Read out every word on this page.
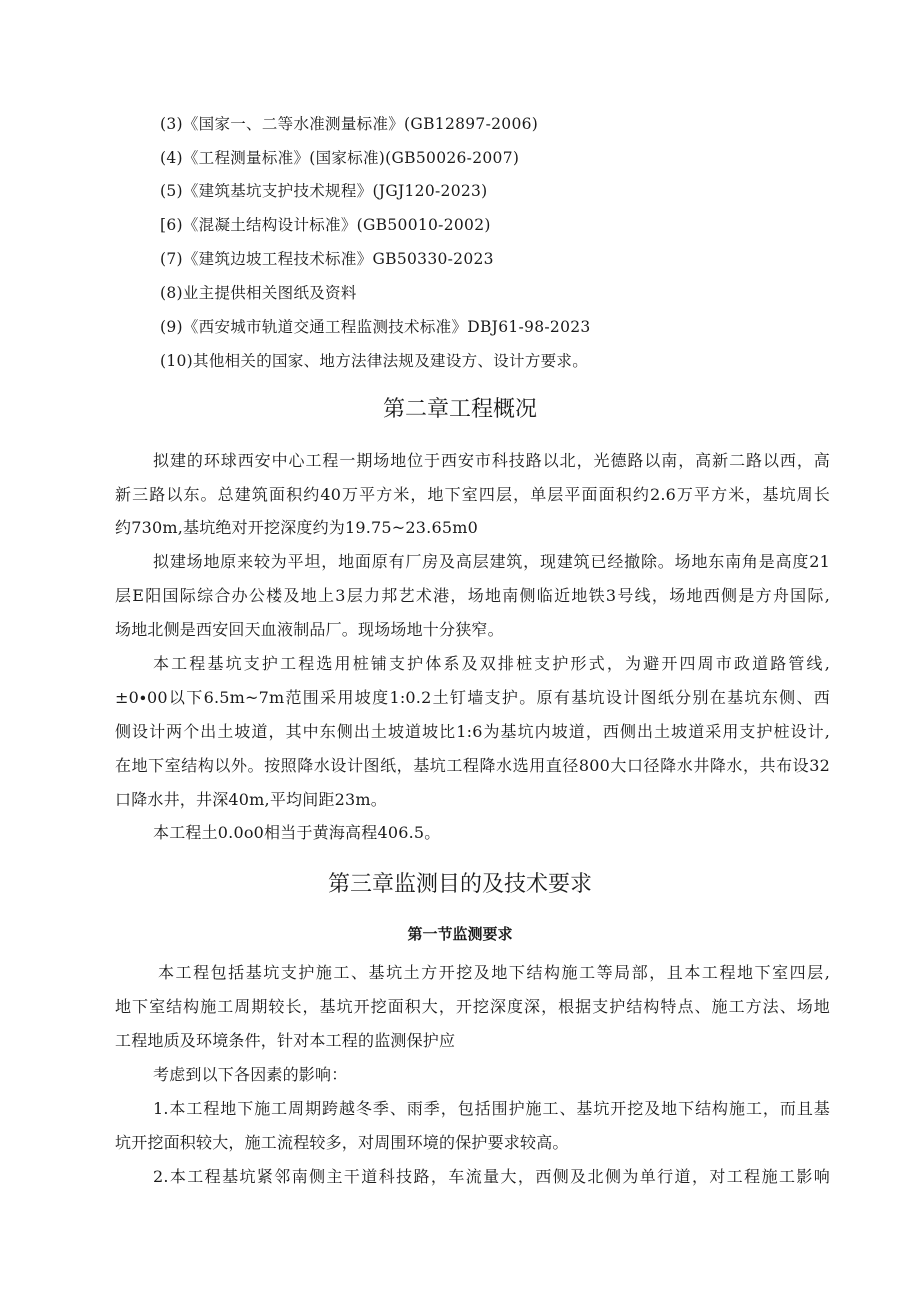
(3)《国家一、二等水准测量标准》(GB12897-2006)
(4)《工程测量标准》(国家标准)(GB50026-2007)
(5)《建筑基坑支护技术规程》(JGJ120-2023)
[6)《混凝土结构设计标准》(GB50010-2002)
(7)《建筑边坡工程技术标准》GB50330-2023
(8)业主提供相关图纸及资料
(9)《西安城市轨道交通工程监测技术标准》DBJ61-98-2023
(10)其他相关的国家、地方法律法规及建设方、设计方要求。
第二章工程概况
拟建的环球西安中心工程一期场地位于西安市科技路以北，光德路以南，高新二路以西，高
新三路以东。总建筑面积约40万平方米，地下室四层，单层平面面积约2.6万平方米，基坑周长
约730m,基坑绝对开挖深度约为19.75~23.65m0
拟建场地原来较为平坦，地面原有厂房及高层建筑，现建筑已经撤除。场地东南角是高度21
层E阳国际综合办公楼及地上3层力邦艺术港，场地南侧临近地铁3号线，场地西侧是方舟国际,
场地北侧是西安回天血液制品厂。现场场地十分狭窄。
本工程基坑支护工程选用桩铺支护体系及双排桩支护形式，为避开四周市政道路管线,
±0∙00以下6.5m~7m范围采用坡度1:0.2土钉墙支护。原有基坑设计图纸分别在基坑东侧、西
侧设计两个出土坡道，其中东侧出土坡道坡比1:6为基坑内坡道，西侧出土坡道采用支护桩设计,
在地下室结构以外。按照降水设计图纸，基坑工程降水选用直径800大口径降水井降水，共布设32
口降水井，井深40m,平均间距23m。
本工程土0.0o0相当于黄海高程406.5。
第三章监测目的及技术要求
第一节监测要求
本工程包括基坑支护施工、基坑土方开挖及地下结构施工等局部，且本工程地下室四层,
地下室结构施工周期较长，基坑开挖面积大，开挖深度深，根据支护结构特点、施工方法、场地
工程地质及环境条件，针对本工程的监测保护应
考虑到以下各因素的影响：
1.本工程地下施工周期跨越冬季、雨季，包括围护施工、基坑开挖及地下结构施工，而且基
坑开挖面积较大，施工流程较多，对周围环境的保护要求较高。
2.本工程基坑紧邻南侧主干道科技路，车流量大，西侧及北侧为单行道，对工程施工影响
